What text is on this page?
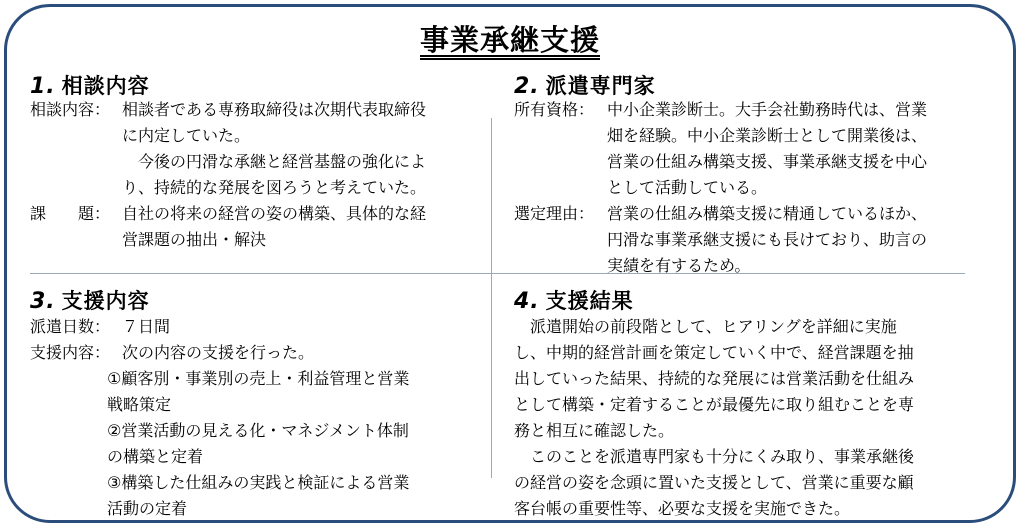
事業承継支援
1. 相談内容
相談内容： 相談者である専務取締役は次期代表取締役
に内定していた。
今後の円滑な承継と経営基盤の強化によ
り、持続的な発展を図ろうと考えていた。
課　　題： 自社の将来の経営の姿の構築、具体的な経
営課題の抽出・解決
2. 派遣専門家
所有資格： 中小企業診断士。大手会社勤務時代は、営業
畑を経験。中小企業診断士として開業後は、
営業の仕組み構築支援、事業承継支援を中心
として活動している。
選定理由： 営業の仕組み構築支援に精通しているほか、
円滑な事業承継支援にも長けており、助言の
実績を有するため。
3. 支援内容
派遣日数： ７日間
支援内容： 次の内容の支援を行った。
①顧客別・事業別の売上・利益管理と営業
戦略策定
②営業活動の見える化・マネジメント体制
の構築と定着
③構築した仕組みの実践と検証による営業
活動の定着
4. 支援結果
派遣開始の前段階として、ヒアリングを詳細に実施
し、中期的経営計画を策定していく中で、経営課題を抽
出していった結果、持続的な発展には営業活動を仕組み
として構築・定着することが最優先に取り組むことを専
務と相互に確認した。
このことを派遣専門家も十分にくみ取り、事業承継後
の経営の姿を念頭に置いた支援として、営業に重要な顧
客台帳の重要性等、必要な支援を実施できた。
